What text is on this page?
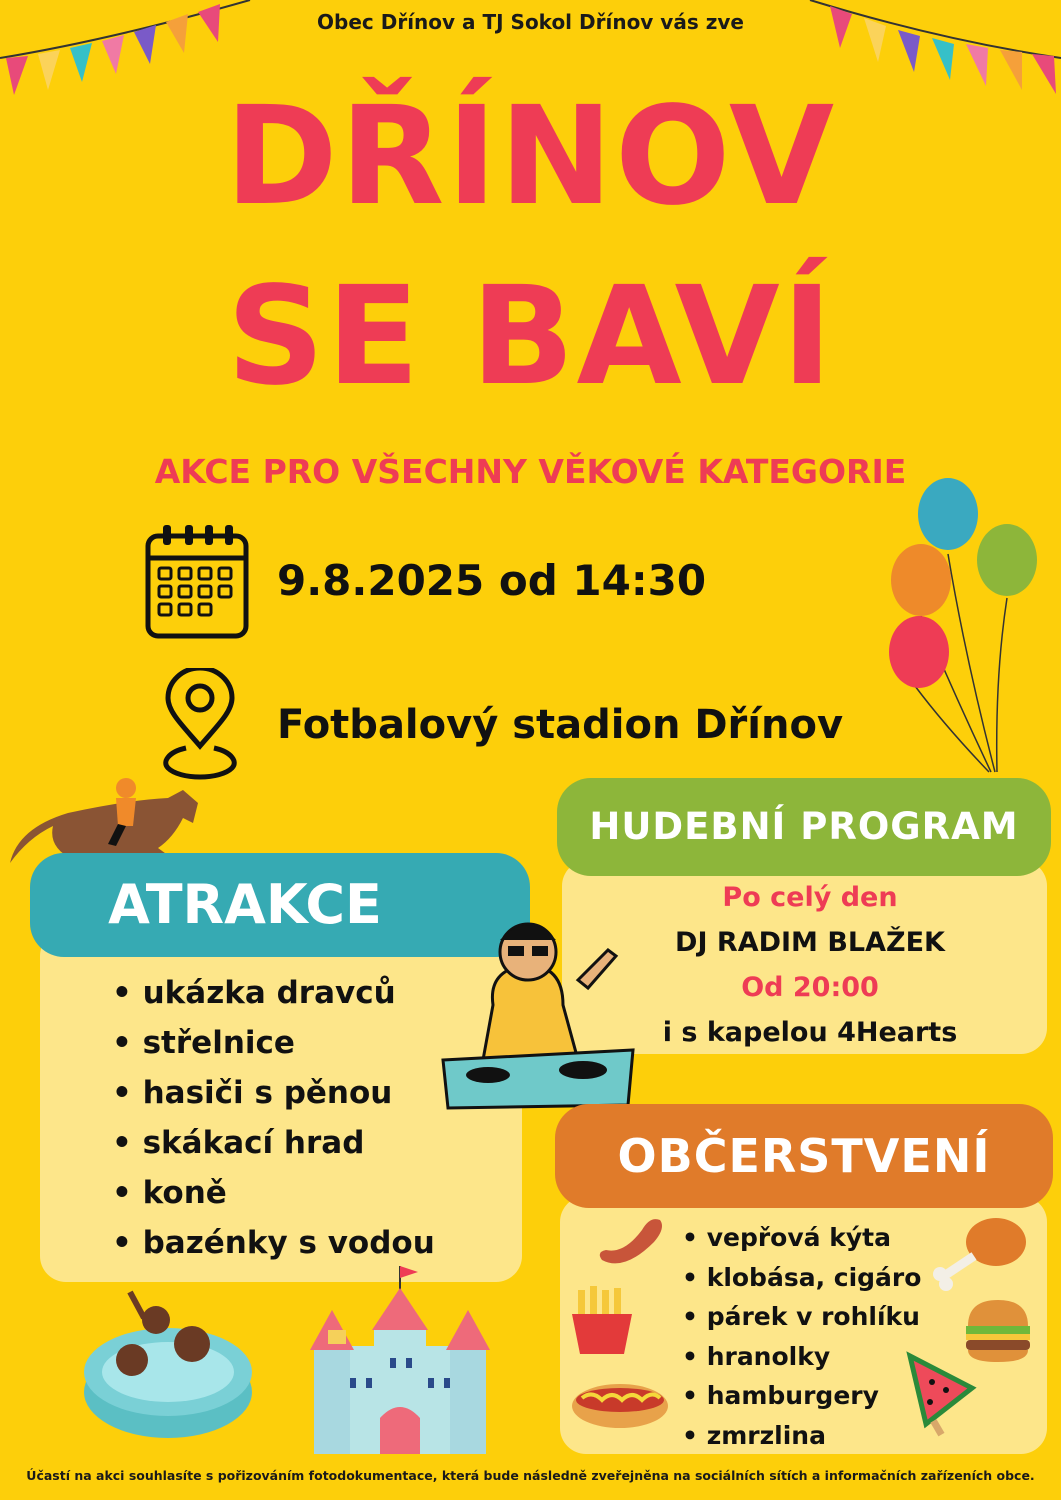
Obec Dřínov a TJ Sokol Dřínov vás zve
DŘÍNOV
SE BAVÍ
AKCE PRO VŠECHNY VĚKOVÉ KATEGORIE
9.8.2025 od 14:30
Fotbalový stadion Dřínov
ATRAKCE
• ukázka dravců
• střelnice
• hasiči s pěnou
• skákací hrad
• koně
• bazénky s vodou
HUDEBNÍ PROGRAM
Po celý den
DJ RADIM BLAŽEK
Od 20:00
i s kapelou 4Hearts
OBČERSTVENÍ
• vepřová kýta
• klobása, cigáro
• párek v rohlíku
• hranolky
• hamburgery
• zmrzlina
Účastí na akci souhlasíte s pořizováním fotodokumentace, která bude následně zveřejněna na sociálních sítích a informačních zařízeních obce.
